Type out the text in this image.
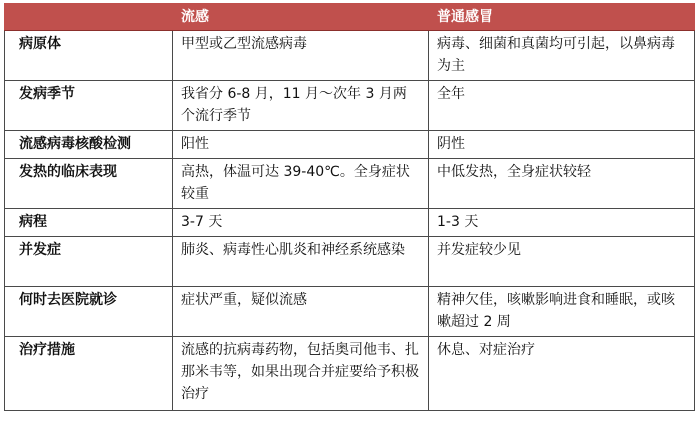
	流感	普通感冒
病原体	甲型或乙型流感病毒	病毒、细菌和真菌均可引起，以鼻病毒为主
发病季节	我省分 6-8 月，11 月～次年 3 月两个流行季节	全年
流感病毒核酸检测	阳性	阴性
发热的临床表现	高热，体温可达 39-40℃。全身症状较重	中低发热，全身症状较轻
病程	3-7 天	1-3 天
并发症	肺炎、病毒性心肌炎和神经系统感染	并发症较少见
何时去医院就诊	症状严重，疑似流感	精神欠佳，咳嗽影响进食和睡眠，或咳嗽超过 2 周
治疗措施	流感的抗病毒药物，包括奥司他韦、扎那米韦等，如果出现合并症要给予积极治疗	休息、对症治疗
